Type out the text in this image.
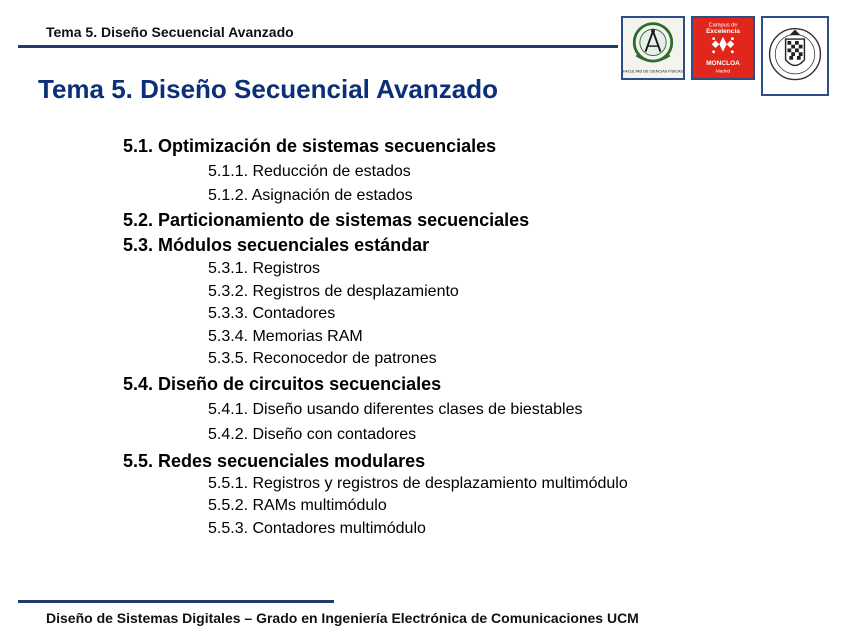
Tema 5. Diseño Secuencial Avanzado
FACULTAD DE CIENCIAS FÍSICAS
Campus de
Excelencia
MONCLOA
Madrid
Tema 5. Diseño Secuencial Avanzado
5.1. Optimización de sistemas secuenciales
5.1.1. Reducción de estados
5.1.2. Asignación de estados
5.2. Particionamiento de sistemas secuenciales
5.3. Módulos secuenciales estándar
5.3.1. Registros
5.3.2. Registros de desplazamiento
5.3.3. Contadores
5.3.4. Memorias RAM
5.3.5. Reconocedor de patrones
5.4. Diseño de circuitos secuenciales
5.4.1. Diseño usando diferentes clases de biestables
5.4.2. Diseño con contadores
5.5. Redes secuenciales modulares
5.5.1. Registros y registros de desplazamiento multimódulo
5.5.2. RAMs multimódulo
5.5.3. Contadores multimódulo
Diseño de Sistemas Digitales – Grado en Ingeniería Electrónica de Comunicaciones UCM
